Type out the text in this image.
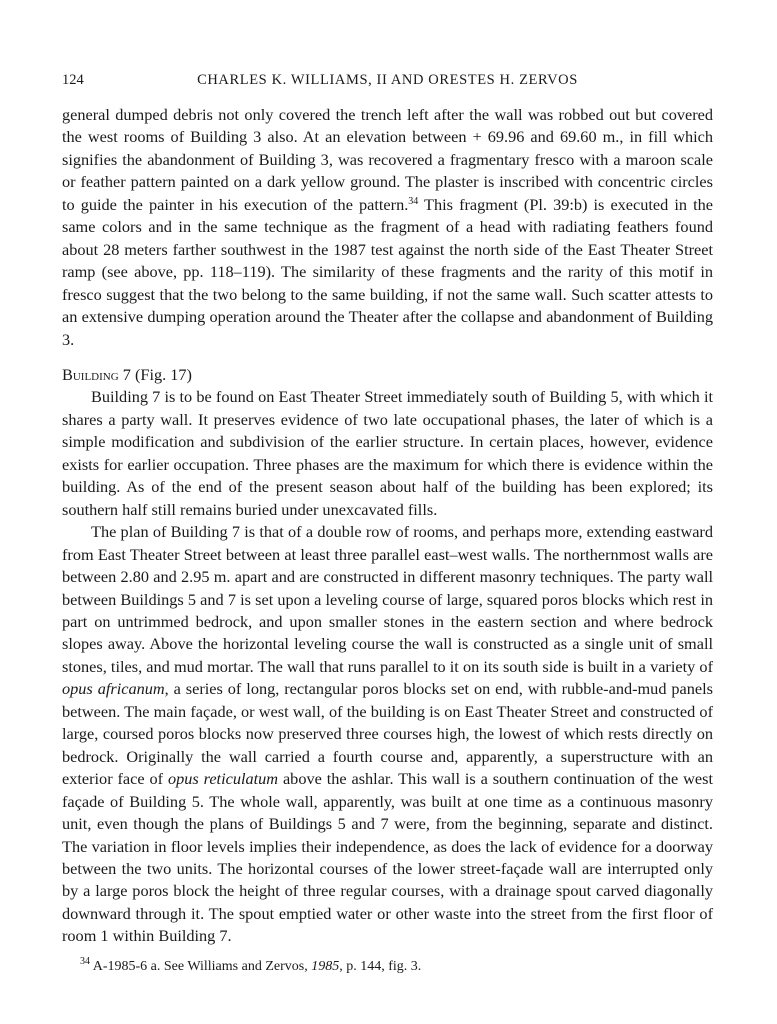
124	CHARLES K. WILLIAMS, II AND ORESTES H. ZERVOS

general dumped debris not only covered the trench left after the wall was robbed out but covered the west rooms of Building 3 also. At an elevation between + 69.96 and 69.60 m., in fill which signifies the abandonment of Building 3, was recovered a fragmentary fresco with a maroon scale or feather pattern painted on a dark yellow ground. The plaster is inscribed with concentric circles to guide the painter in his execution of the pattern.$^{34}$ This fragment (Pl. 39:b) is executed in the same colors and in the same technique as the fragment of a head with radiating feathers found about 28 meters farther southwest in the 1987 test against the north side of the East Theater Street ramp (see above, pp. 118–119). The similarity of these fragments and the rarity of this motif in fresco suggest that the two belong to the same building, if not the same wall. Such scatter attests to an extensive dumping operation around the Theater after the collapse and abandonment of Building 3.

Building 7 (Fig. 17)

Building 7 is to be found on East Theater Street immediately south of Building 5, with which it shares a party wall. It preserves evidence of two late occupational phases, the later of which is a simple modification and subdivision of the earlier structure. In certain places, however, evidence exists for earlier occupation. Three phases are the maximum for which there is evidence within the building. As of the end of the present season about half of the building has been explored; its southern half still remains buried under unexcavated fills.

The plan of Building 7 is that of a double row of rooms, and perhaps more, extending eastward from East Theater Street between at least three parallel east–west walls. The northernmost walls are between 2.80 and 2.95 m. apart and are constructed in different masonry techniques. The party wall between Buildings 5 and 7 is set upon a leveling course of large, squared poros blocks which rest in part on untrimmed bedrock, and upon smaller stones in the eastern section and where bedrock slopes away. Above the horizontal leveling course the wall is constructed as a single unit of small stones, tiles, and mud mortar. The wall that runs parallel to it on its south side is built in a variety of opus africanum, a series of long, rectangular poros blocks set on end, with rubble-and-mud panels between. The main façade, or west wall, of the building is on East Theater Street and constructed of large, coursed poros blocks now preserved three courses high, the lowest of which rests directly on bedrock. Originally the wall carried a fourth course and, apparently, a superstructure with an exterior face of opus reticulatum above the ashlar. This wall is a southern continuation of the west façade of Building 5. The whole wall, apparently, was built at one time as a continuous masonry unit, even though the plans of Buildings 5 and 7 were, from the beginning, separate and distinct. The variation in floor levels implies their independence, as does the lack of evidence for a doorway between the two units. The horizontal courses of the lower street-façade wall are interrupted only by a large poros block the height of three regular courses, with a drainage spout carved diagonally downward through it. The spout emptied water or other waste into the street from the first floor of room 1 within Building 7.

$^{34}$ A-1985-6 a. See Williams and Zervos, 1985, p. 144, fig. 3.
